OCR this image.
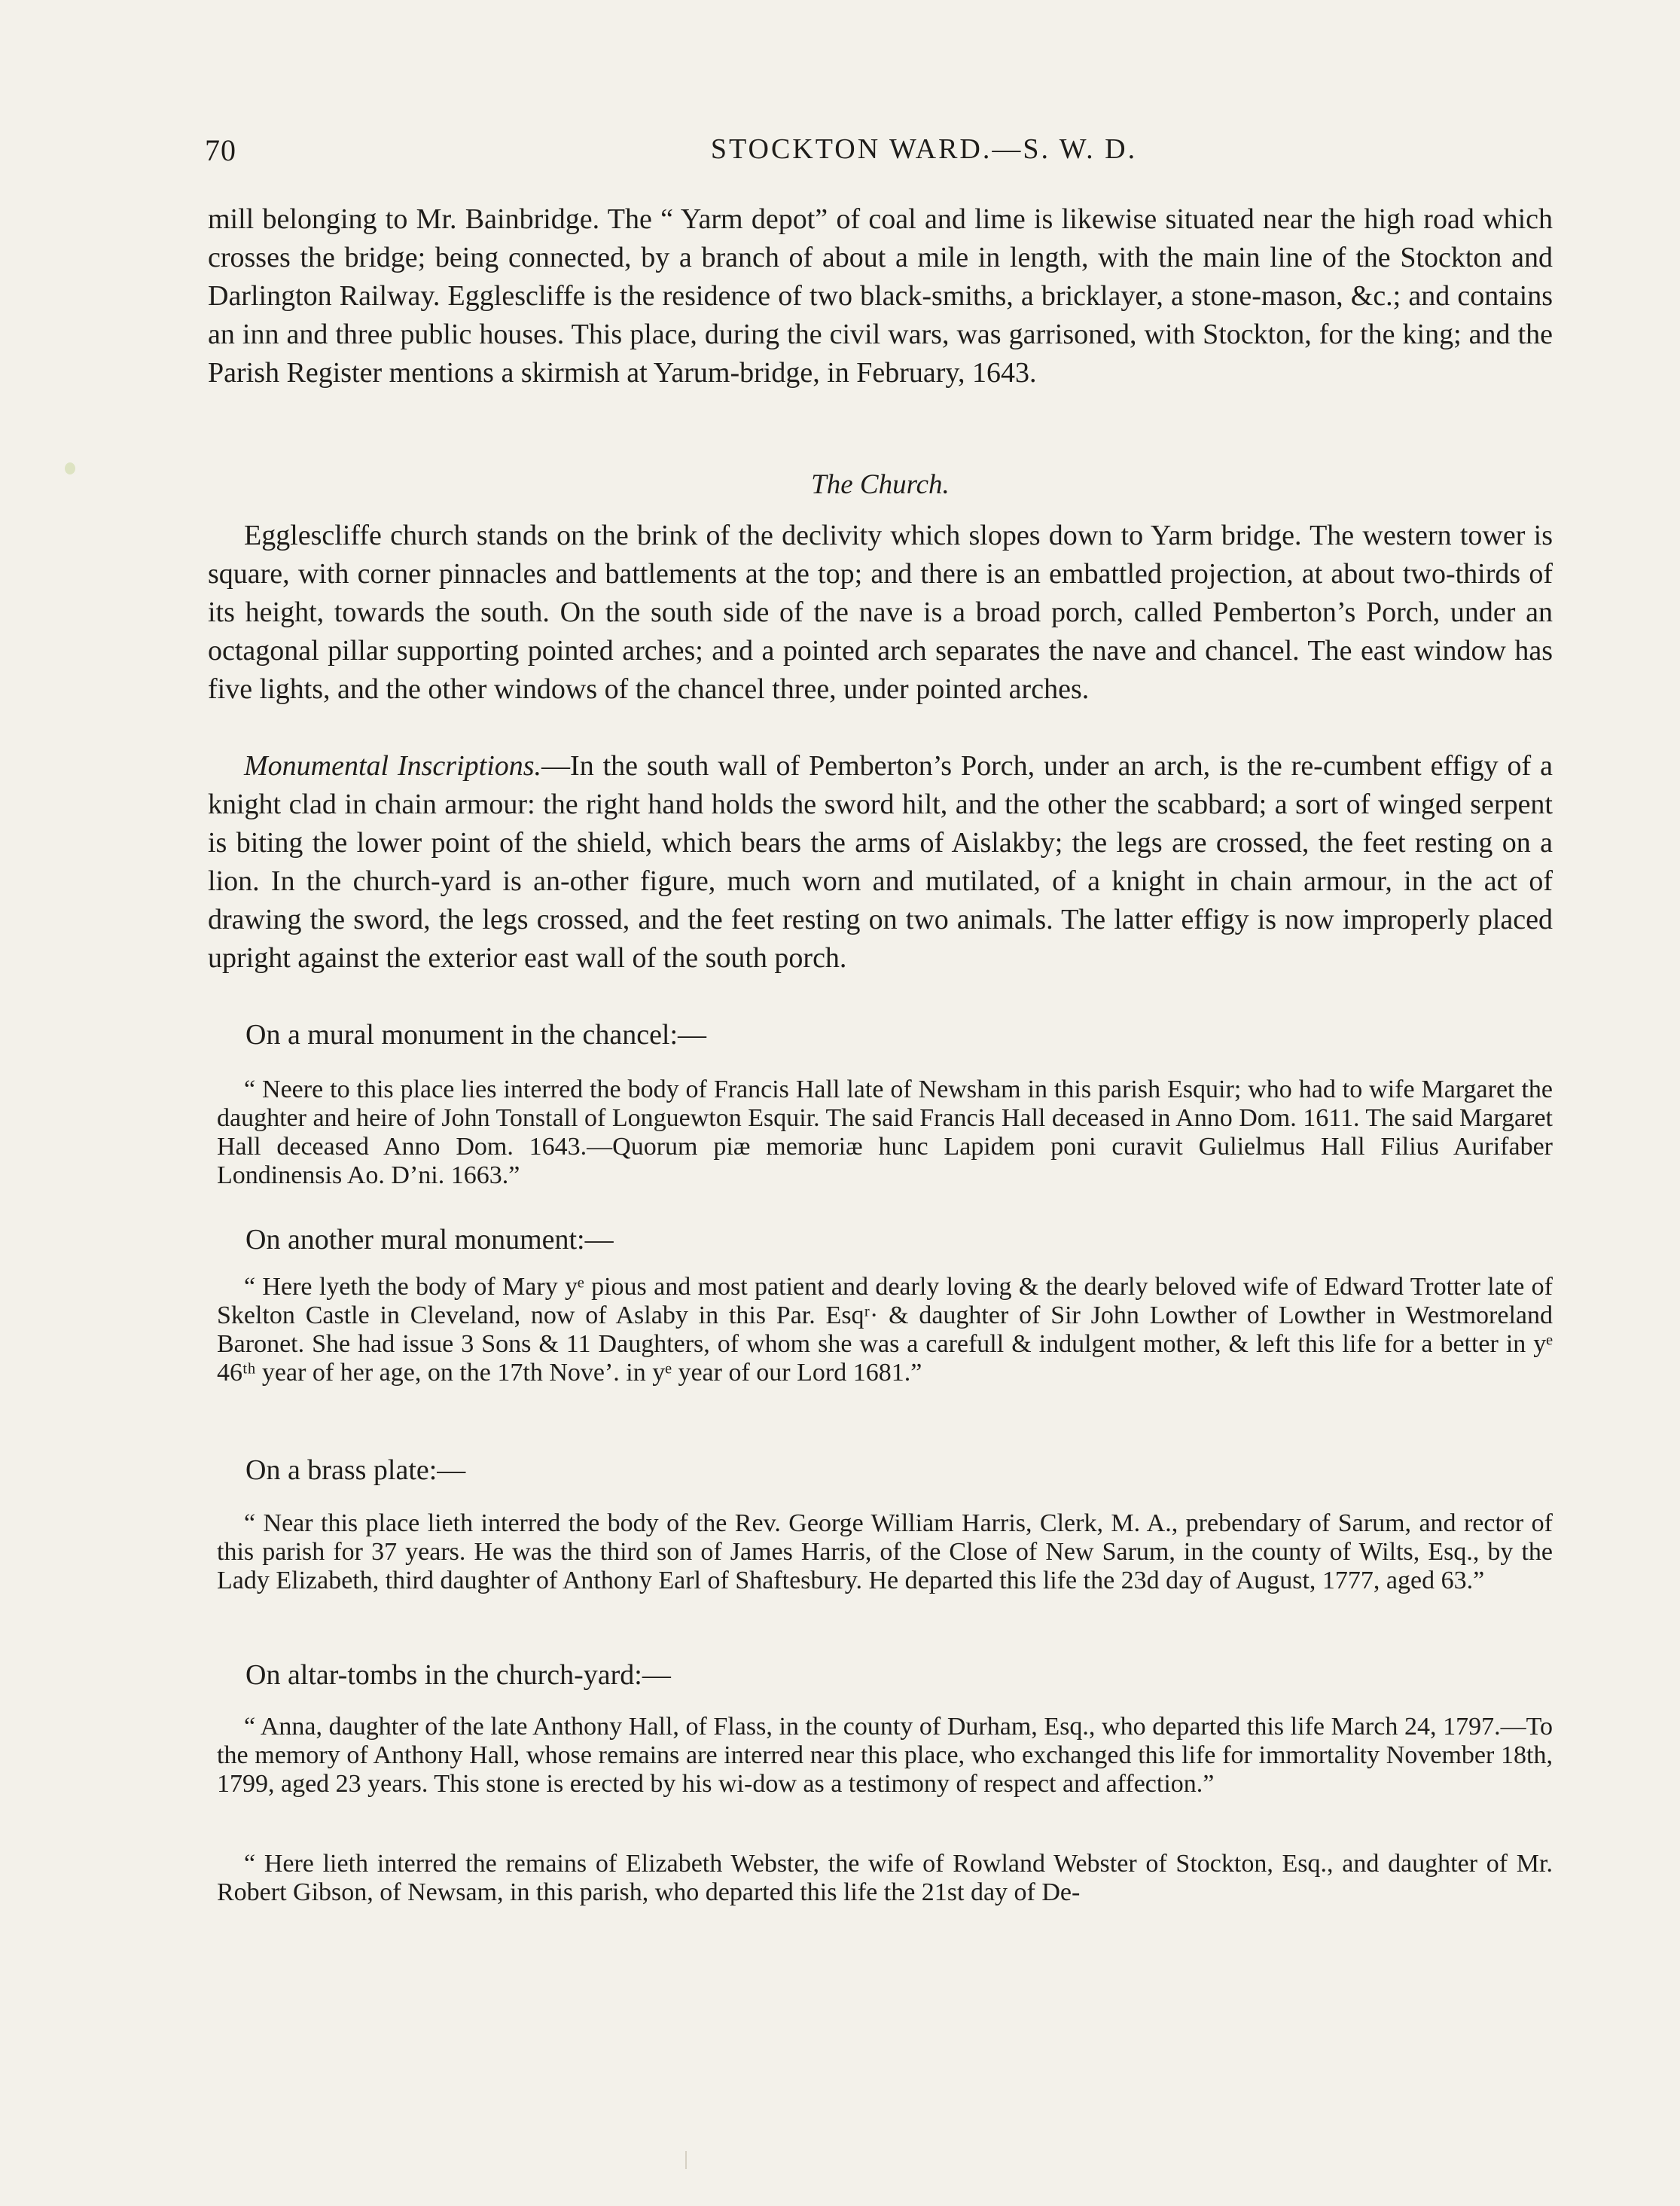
70	STOCKTON WARD.—S. W. D.

mill belonging to Mr. Bainbridge. The “ Yarm depot” of coal and lime is likewise situated near the high road which crosses the bridge; being connected, by a branch of about a mile in length, with the main line of the Stockton and Darlington Railway. Egglescliffe is the residence of two black-smiths, a bricklayer, a stone-mason, &c.; and contains an inn and three public houses. This place, during the civil wars, was garrisoned, with Stockton, for the king; and the Parish Register mentions a skirmish at Yarum-bridge, in February, 1643.

The Church.

Egglescliffe church stands on the brink of the declivity which slopes down to Yarm bridge. The western tower is square, with corner pinnacles and battlements at the top; and there is an embattled projection, at about two-thirds of its height, towards the south. On the south side of the nave is a broad porch, called Pemberton’s Porch, under an octagonal pillar supporting pointed arches; and a pointed arch separates the nave and chancel. The east window has five lights, and the other windows of the chancel three, under pointed arches.

Monumental Inscriptions.—In the south wall of Pemberton’s Porch, under an arch, is the re-cumbent effigy of a knight clad in chain armour: the right hand holds the sword hilt, and the other the scabbard; a sort of winged serpent is biting the lower point of the shield, which bears the arms of Aislakby; the legs are crossed, the feet resting on a lion. In the church-yard is an-other figure, much worn and mutilated, of a knight in chain armour, in the act of drawing the sword, the legs crossed, and the feet resting on two animals. The latter effigy is now improperly placed upright against the exterior east wall of the south porch.

On a mural monument in the chancel:—

“ Neere to this place lies interred the body of Francis Hall late of Newsham in this parish Esquir; who had to wife Margaret the daughter and heire of John Tonstall of Longuewton Esquir. The said Francis Hall deceased in Anno Dom. 1611. The said Margaret Hall deceased Anno Dom. 1643.—Quorum piæ memoriæ hunc Lapidem poni curavit Gulielmus Hall Filius Aurifaber Londinensis Ao. D’ni. 1663.”

On another mural monument:—

“ Here lyeth the body of Mary yᵉ pious and most patient and dearly loving & the dearly beloved wife of Edward Trotter late of Skelton Castle in Cleveland, now of Aslaby in this Par. Esqʳ· & daughter of Sir John Lowther of Lowther in Westmoreland Baronet. She had issue 3 Sons & 11 Daughters, of whom she was a carefull & indulgent mother, & left this life for a better in yᵉ 46ᵗʰ year of her age, on the 17th Nove’. in yᵉ year of our Lord 1681.”

On a brass plate:—

“ Near this place lieth interred the body of the Rev. George William Harris, Clerk, M. A., prebendary of Sarum, and rector of this parish for 37 years. He was the third son of James Harris, of the Close of New Sarum, in the county of Wilts, Esq., by the Lady Elizabeth, third daughter of Anthony Earl of Shaftesbury. He departed this life the 23d day of August, 1777, aged 63.”

On altar-tombs in the church-yard:—

“ Anna, daughter of the late Anthony Hall, of Flass, in the county of Durham, Esq., who departed this life March 24, 1797.—To the memory of Anthony Hall, whose remains are interred near this place, who exchanged this life for immortality November 18th, 1799, aged 23 years. This stone is erected by his wi-dow as a testimony of respect and affection.”

“ Here lieth interred the remains of Elizabeth Webster, the wife of Rowland Webster of Stockton, Esq., and daughter of Mr. Robert Gibson, of Newsam, in this parish, who departed this life the 21st day of De-
